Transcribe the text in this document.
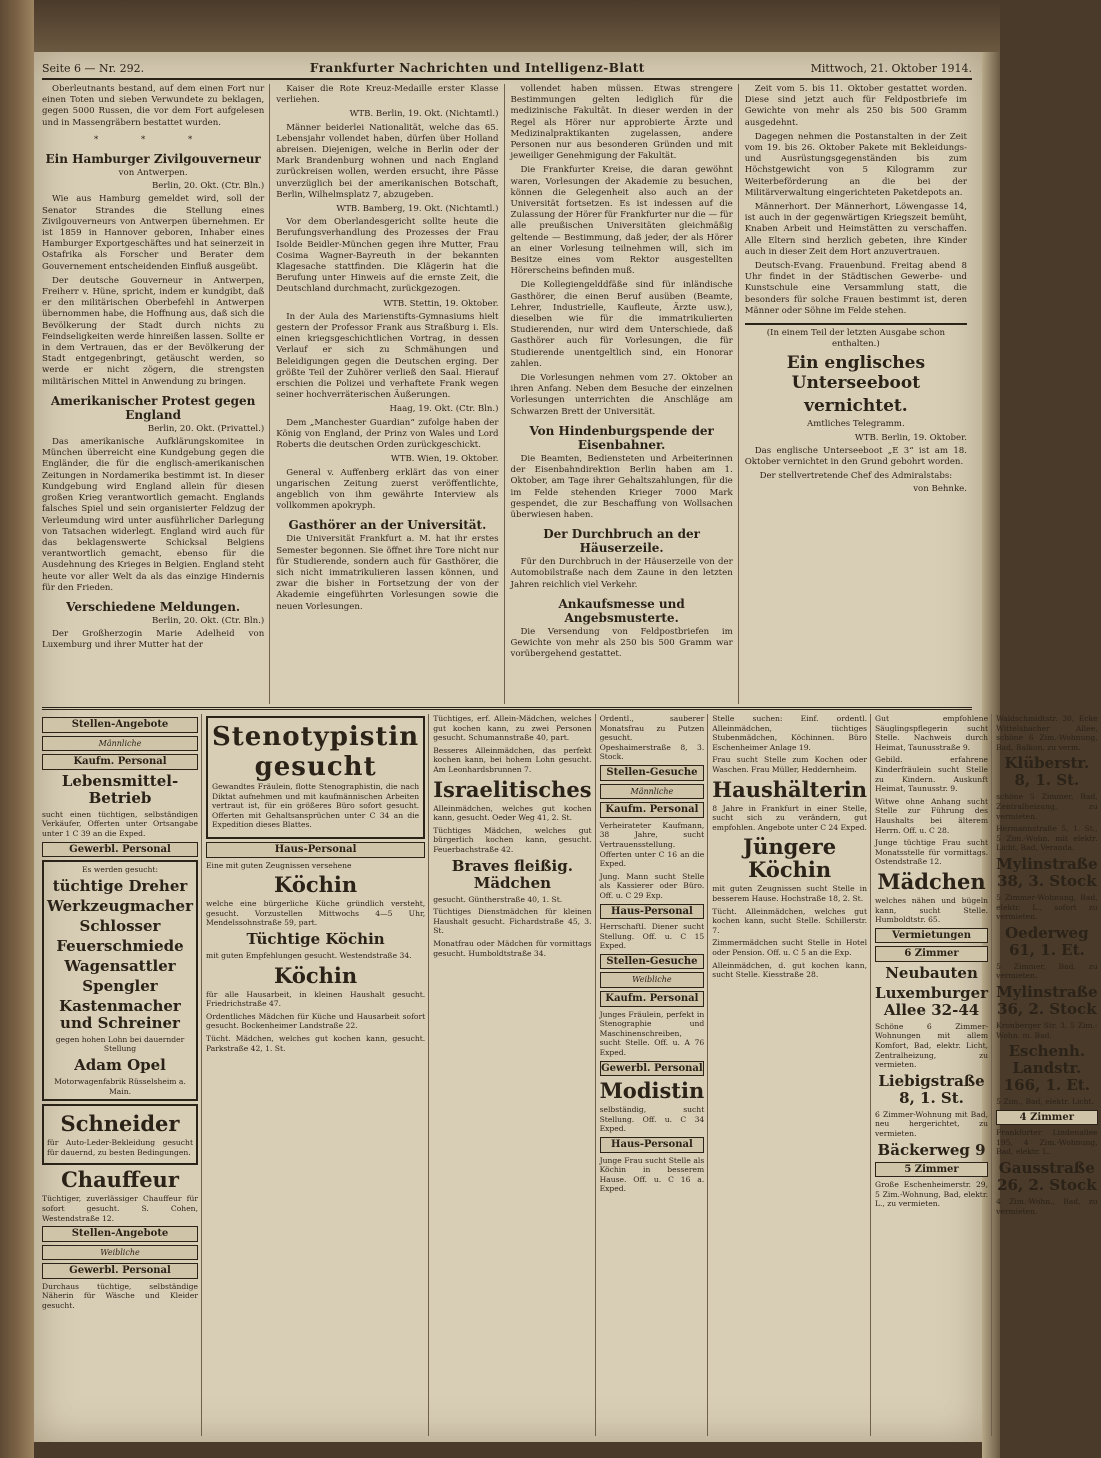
Seite 6 — Nr. 292.	Frankfurter Nachrichten und Intelligenz-Blatt	Mittwoch, 21. Oktober 1914.

Oberleutnants bestand, auf dem einen Fort nur einen Toten und sieben Verwundete zu beklagen, gegen 5000 Russen, die vor dem Fort aufgelesen und in Massengräbern bestattet wurden.

* * *
Ein Hamburger Zivilgouverneur
von Antwerpen.
Berlin, 20. Okt. (Ctr. Bln.)

Wie aus Hamburg gemeldet wird, soll der Senator Strandes die Stellung eines Zivilgouverneurs von Antwerpen übernehmen. Er ist 1859 in Hannover geboren, Inhaber eines Hamburger Exportgeschäftes und hat seinerzeit in Ostafrika als Forscher und Berater dem Gouvernement entscheidenden Einfluß ausgeübt.

Der deutsche Gouverneur in Antwerpen, Freiherr v. Hüne, spricht, indem er kundgibt, daß er den militärischen Oberbefehl in Antwerpen übernommen habe, die Hoffnung aus, daß sich die Bevölkerung der Stadt durch nichts zu Feindseligkeiten werde hinreißen lassen. Sollte er in dem Vertrauen, das er der Bevölkerung der Stadt entgegenbringt, getäuscht werden, so werde er nicht zögern, die strengsten militärischen Mittel in Anwendung zu bringen.

Amerikanischer Protest gegen England
Berlin, 20. Okt. (Privattel.)

Das amerikanische Aufklärungskomitee in München überreicht eine Kundgebung gegen die Engländer, die für die englisch-amerikanischen Zeitungen in Nordamerika bestimmt ist. In dieser Kundgebung wird England allein für diesen großen Krieg verantwortlich gemacht. Englands falsches Spiel und sein organisierter Feldzug der Verleumdung wird unter ausführlicher Darlegung von Tatsachen widerlegt. England wird auch für das beklagenswerte Schicksal Belgiens verantwortlich gemacht, ebenso für die Ausdehnung des Krieges in Belgien. England steht heute vor aller Welt da als das einzige Hindernis für den Frieden.

Verschiedene Meldungen.
Berlin, 20. Okt. (Ctr. Bln.)

Der Großherzogin Marie Adelheid von Luxemburg und ihrer Mutter hat der

Kaiser die Rote Kreuz-Medaille erster Klasse verliehen.

WTB. Berlin, 19. Okt. (Nichtamtl.)

Männer beiderlei Nationalität, welche das 65. Lebensjahr vollendet haben, dürfen über Holland abreisen. Diejenigen, welche in Berlin oder der Mark Brandenburg wohnen und nach England zurückreisen wollen, werden ersucht, ihre Pässe unverzüglich bei der amerikanischen Botschaft, Berlin, Wilhelmsplatz 7, abzugeben.

WTB. Bamberg, 19. Okt. (Nichtamtl.)

Vor dem Oberlandesgericht sollte heute die Berufungsverhandlung des Prozesses der Frau Isolde Beidler-München gegen ihre Mutter, Frau Cosima Wagner-Bayreuth in der bekannten Klagesache stattfinden. Die Klägerin hat die Berufung unter Hinweis auf die ernste Zeit, die Deutschland durchmacht, zurückgezogen.

WTB. Stettin, 19. Oktober.

In der Aula des Marienstifts-Gymnasiums hielt gestern der Professor Frank aus Straßburg i. Els. einen kriegsgeschichtlichen Vortrag, in dessen Verlauf er sich zu Schmähungen und Beleidigungen gegen die Deutschen erging. Der größte Teil der Zuhörer verließ den Saal. Hierauf erschien die Polizei und verhaftete Frank wegen seiner hochverräterischen Äußerungen.

Haag, 19. Okt. (Ctr. Bln.)

Dem „Manchester Guardian“ zufolge haben der König von England, der Prinz von Wales und Lord Roberts die deutschen Orden zurückgeschickt.

WTB. Wien, 19. Oktober.

General v. Auffenberg erklärt das von einer ungarischen Zeitung zuerst veröffentlichte, angeblich von ihm gewährte Interview als vollkommen apokryph.

Gasthörer an der Universität.

Die Universität Frankfurt a. M. hat ihr erstes Semester begonnen. Sie öffnet ihre Tore nicht nur für Studierende, sondern auch für Gasthörer, die sich nicht immatrikulieren lassen können, und zwar die bisher in Fortsetzung der von der Akademie eingeführten Vorlesungen sowie die neuen Vorlesungen.

vollendet haben müssen. Etwas strengere Bestimmungen gelten lediglich für die medizinische Fakultät. In dieser werden in der Regel als Hörer nur approbierte Ärzte und Medizinalpraktikanten zugelassen, andere Personen nur aus besonderen Gründen und mit jeweiliger Genehmigung der Fakultät.

Die Frankfurter Kreise, die daran gewöhnt waren, Vorlesungen der Akademie zu besuchen, können die Gelegenheit also auch an der Universität fortsetzen. Es ist indessen auf die Zulassung der Hörer für Frankfurter nur die — für alle preußischen Universitäten gleichmäßig geltende — Bestimmung, daß jeder, der als Hörer an einer Vorlesung teilnehmen will, sich im Besitze eines vom Rektor ausgestellten Hörerscheins befinden muß.

Die Kollegiengelddfäße sind für inländische Gasthörer, die einen Beruf ausüben (Beamte, Lehrer, Industrielle, Kaufleute, Ärzte usw.), dieselben wie für die immatrikulierten Studierenden, nur wird dem Unterschiede, daß Gasthörer auch für Vorlesungen, die für Studierende unentgeltlich sind, ein Honorar zahlen.

Die Vorlesungen nehmen vom 27. Oktober an ihren Anfang. Neben dem Besuche der einzelnen Vorlesungen unterrichten die Anschläge am Schwarzen Brett der Universität.

Von Hindenburgspende der Eisenbahner.

Die Beamten, Bediensteten und Arbeiterinnen der Eisenbahndirektion Berlin haben am 1. Oktober, am Tage ihrer Gehaltszahlungen, für die im Felde stehenden Krieger 7000 Mark gespendet, die zur Beschaffung von Wollsachen überwiesen haben.

Der Durchbruch an der Häuserzeile.

Für den Durchbruch in der Häuserzeile von der Automobilstraße nach dem Zaune in den letzten Jahren reichlich viel Verkehr.

Ankaufsmesse und Angebsmusterte.

Die Versendung von Feldpostbriefen im Gewichte von mehr als 250 bis 500 Gramm war vorübergehend gestattet.

Zeit vom 5. bis 11. Oktober gestattet worden. Diese sind jetzt auch für Feldpostbriefe im Gewichte von mehr als 250 bis 500 Gramm ausgedehnt.

Dagegen nehmen die Postanstalten in der Zeit vom 19. bis 26. Oktober Pakete mit Bekleidungs- und Ausrüstungsgegenständen bis zum Höchstgewicht von 5 Kilogramm zur Weiterbeförderung an die bei der Militärverwaltung eingerichteten Paketdepots an.

Männerhort. Der Männerhort, Löwengasse 14, ist auch in der gegenwärtigen Kriegszeit bemüht, Knaben Arbeit und Heimstätten zu verschaffen. Alle Eltern sind herzlich gebeten, ihre Kinder auch in dieser Zeit dem Hort anzuvertrauen.

Deutsch-Evang. Frauenbund. Freitag abend 8 Uhr findet in der Städtischen Gewerbe- und Kunstschule eine Versammlung statt, die besonders für solche Frauen bestimmt ist, deren Männer oder Söhne im Felde stehen.

(In einem Teil der letzten Ausgabe schon enthalten.)
Ein englisches Unterseeboot
vernichtet.
Amtliches Telegramm.
WTB. Berlin, 19. Oktober.

Das englische Unterseeboot „E 3“ ist am 18. Oktober vernichtet in den Grund gebohrt worden.

Der stellvertretende Chef des Admiralstabs:
von Behnke.
Stellen-Angebote
Männliche
Kaufm. Personal
Lebensmittel-Betrieb

sucht einen tüchtigen, selbständigen Verkäufer, Offerten unter Ortsangabe unter 1 C 39 an die Exped.

Gewerbl. Personal
Es werden gesucht:
tüchtige Dreher
Werkzeugmacher
Schlosser
Feuerschmiede
Wagensattler
Spengler
Kastenmacher und Schreiner
gegen hohen Lohn bei dauernder Stellung
Adam Opel
Motorwagenfabrik Rüsselsheim a. Main.
Schneider

für Auto-Leder-Bekleidung gesucht für dauernd, zu besten Bedingungen.

Chauffeur

Tüchtiger, zuverlässiger Chauffeur für sofort gesucht. S. Cohen, Westendstraße 12.

Stellen-Angebote
Weibliche
Gewerbl. Personal

Durchaus tüchtige, selbständige Näherin für Wäsche und Kleider gesucht.

Stenotypistin gesucht

Gewandtes Fräulein, flotte Stenographistin, die nach Diktat aufnehmen und mit kaufmännischen Arbeiten vertraut ist, für ein größeres Büro sofort gesucht. Offerten mit Gehaltsansprüchen unter C 34 an die Expedition dieses Blattes.

Haus-Personal

Eine mit guten Zeugnissen versehene

Köchin

welche eine bürgerliche Küche gründlich versteht, gesucht. Vorzustellen Mittwochs 4—5 Uhr, Mendelssohnstraße 59, part.

Tüchtige Köchin

mit guten Empfehlungen gesucht. Westendstraße 34.

Köchin

für alle Hausarbeit, in kleinen Haushalt gesucht. Friedrichstraße 47.

Ordentliches Mädchen für Küche und Hausarbeit sofort gesucht. Bockenheimer Landstraße 22.

Tücht. Mädchen, welches gut kochen kann, gesucht. Parkstraße 42, 1. St.

Tüchtiges, erf. Allein-Mädchen, welches gut kochen kann, zu zwei Personen gesucht. Schumannstraße 40, part.

Besseres Alleinmädchen, das perfekt kochen kann, bei hohem Lohn gesucht. Am Leonhardsbrunnen 7.

Israelitisches

Alleinmädchen, welches gut kochen kann, gesucht. Oeder Weg 41, 2. St.

Tüchtiges Mädchen, welches gut bürgerlich kochen kann, gesucht. Feuerbachstraße 42.

Braves fleißig. Mädchen

gesucht. Güntherstraße 40, 1. St.

Tüchtiges Dienstmädchen für kleinen Haushalt gesucht. Fichardstraße 45, 3. St.

Monatfrau oder Mädchen für vormittags gesucht. Humboldtstraße 34.

Ordentl., sauberer Monatsfrau zu Putzen gesucht. Opeshaimerstraße 8, 3. Stock.

Stellen-Gesuche
Männliche
Kaufm. Personal

Verheirateter Kaufmann, 38 Jahre, sucht Vertrauensstellung. Offerten unter C 16 an die Exped.

Jung. Mann sucht Stelle als Kassierer oder Büro. Off. u. C 29 Exp.

Haus-Personal

Herrschaftl. Diener sucht Stellung. Off. u. C 15 Exped.

Stellen-Gesuche
Weibliche
Kaufm. Personal

Junges Fräulein, perfekt in Stenographie und Maschinenschreiben, sucht Stelle. Off. u. A 76 Exped.

Gewerbl. Personal
Modistin

selbständig, sucht Stellung. Off. u. C 34 Exped.

Haus-Personal

Junge Frau sucht Stelle als Köchin in besserem Hause. Off. u. C 16 a. Exped.

Stelle suchen: Einf. ordentl. Alleinmädchen, tüchtiges Stubenmädchen, Köchinnen. Büro Eschenheimer Anlage 19.

Frau sucht Stelle zum Kochen oder Waschen. Frau Müller, Heddernheim.

Haushälterin

8 Jahre in Frankfurt in einer Stelle, sucht sich zu verändern, gut empfohlen. Angebote unter C 24 Exped.

Jüngere Köchin

mit guten Zeugnissen sucht Stelle in besserem Hause. Hochstraße 18, 2. St.

Tücht. Alleinmädchen, welches gut kochen kann, sucht Stelle. Schillerstr. 7.

Zimmermädchen sucht Stelle in Hotel oder Pension. Off. u. C 5 an die Exp.

Alleinmädchen, d. gut kochen kann, sucht Stelle. Kiesstraße 28.

Gut empfohlene Säuglingspflegerin sucht Stelle. Nachweis durch Heimat, Taunusstraße 9.

Gebild. erfahrene Kinderfräulein sucht Stelle zu Kindern. Auskunft Heimat, Taunusstr. 9.

Witwe ohne Anhang sucht Stelle zur Führung des Haushalts bei älterem Herrn. Off. u. C 28.

Junge tüchtige Frau sucht Monatsstelle für vormittags. Ostendstraße 12.

Mädchen

welches nähen und bügeln kann, sucht Stelle. Humboldtstr. 65.

Vermietungen
6 Zimmer
Neubauten
Luxemburger Allee 32-44

Schöne 6 Zimmer-Wohnungen mit allem Komfort, Bad, elektr. Licht, Zentralheizung, zu vermieten.

Liebigstraße 8, 1. St.

6 Zimmer-Wohnung mit Bad, neu hergerichtet, zu vermieten.

Bäckerweg 9
5 Zimmer

Große Eschenheimerstr. 29, 5 Zim.-Wohnung, Bad, elektr. L., zu vermieten.

Waldschmidtstr. 30, Ecke Wittelsbacher Allee, schöne 6 Zim.-Wohnung, Bad, Balkon, zu verm.

Klüberstr. 8, 1. St.

schöne 5 Zimmer, Bad, Zentralheizung, zu vermieten.

Hermannstraße 5, 1. St., 5 Zim.-Wohn. mit elektr. Licht, Bad, Veranda.

Mylinstraße 38, 3. Stock

5 Zimmer-Wohnung, Bad, elektr. L., sofort zu vermieten.

Oederweg 61, 1. Et.

5 Zimmer, Bad, zu vermieten.

Mylinstraße 36, 2. Stock

Kronberger Str. 3, 5 Zim.-Wohn. m. Bad.

Eschenh. Landstr. 166, 1. Et.

5 Zim., Bad, elektr. Licht.

4 Zimmer

Frankfurter Lindenallee 195, 4 Zim.-Wohnung, Bad, elektr. L.

Gausstraße 26, 2. Stock

4 Zim.-Wohn., Bad, zu vermieten.
